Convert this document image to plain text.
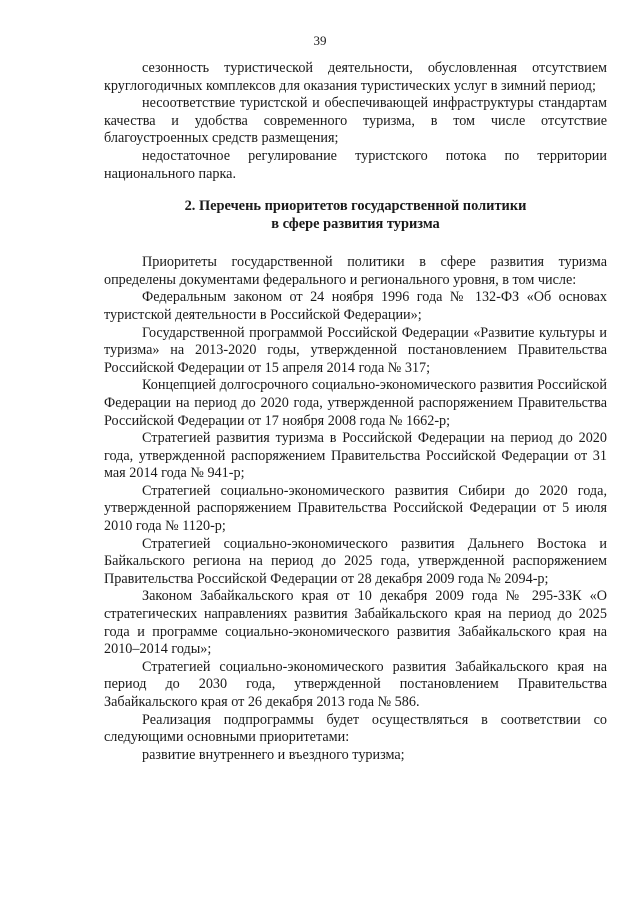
39

сезонность туристической деятельности, обусловленная отсутствием круглогодичных комплексов для оказания туристических услуг в зимний период;

несоответствие туристской и обеспечивающей инфраструктуры стандартам качества и удобства современного туризма, в том числе отсутствие благоустроенных средств размещения;

недостаточное регулирование туристского потока по территории национального парка.

2. Перечень приоритетов государственной политики
в сфере развития туризма

Приоритеты государственной политики в сфере развития туризма определены документами федерального и регионального уровня, в том числе:

Федеральным законом от 24 ноября 1996 года № 132-ФЗ «Об основах туристской деятельности в Российской Федерации»;

Государственной программой Российской Федерации «Развитие культуры и туризма» на 2013-2020 годы, утвержденной постановлением Правительства Российской Федерации от 15 апреля 2014 года № 317;

Концепцией долгосрочного социально-экономического развития Российской Федерации на период до 2020 года, утвержденной распоряжением Правительства Российской Федерации от 17 ноября 2008 года № 1662-р;

Стратегией развития туризма в Российской Федерации на период до 2020 года, утвержденной распоряжением Правительства Российской Федерации от 31 мая 2014 года № 941-р;

Стратегией социально-экономического развития Сибири до 2020 года, утвержденной распоряжением Правительства Российской Федерации от 5 июля 2010 года № 1120-р;

Стратегией социально-экономического развития Дальнего Востока и Байкальского региона на период до 2025 года, утвержденной распоряжением Правительства Российской Федерации от 28 декабря 2009 года № 2094-р;

Законом Забайкальского края от 10 декабря 2009 года № 295-ЗЗК «О стратегических направлениях развития Забайкальского края на период до 2025 года и программе социально-экономического развития Забайкальского края на 2010–2014 годы»;

Стратегией социально-экономического развития Забайкальского края на период до 2030 года, утвержденной постановлением Правительства Забайкальского края от 26 декабря 2013 года № 586.

Реализация подпрограммы будет осуществляться в соответствии со следующими основными приоритетами:

развитие внутреннего и въездного туризма;
